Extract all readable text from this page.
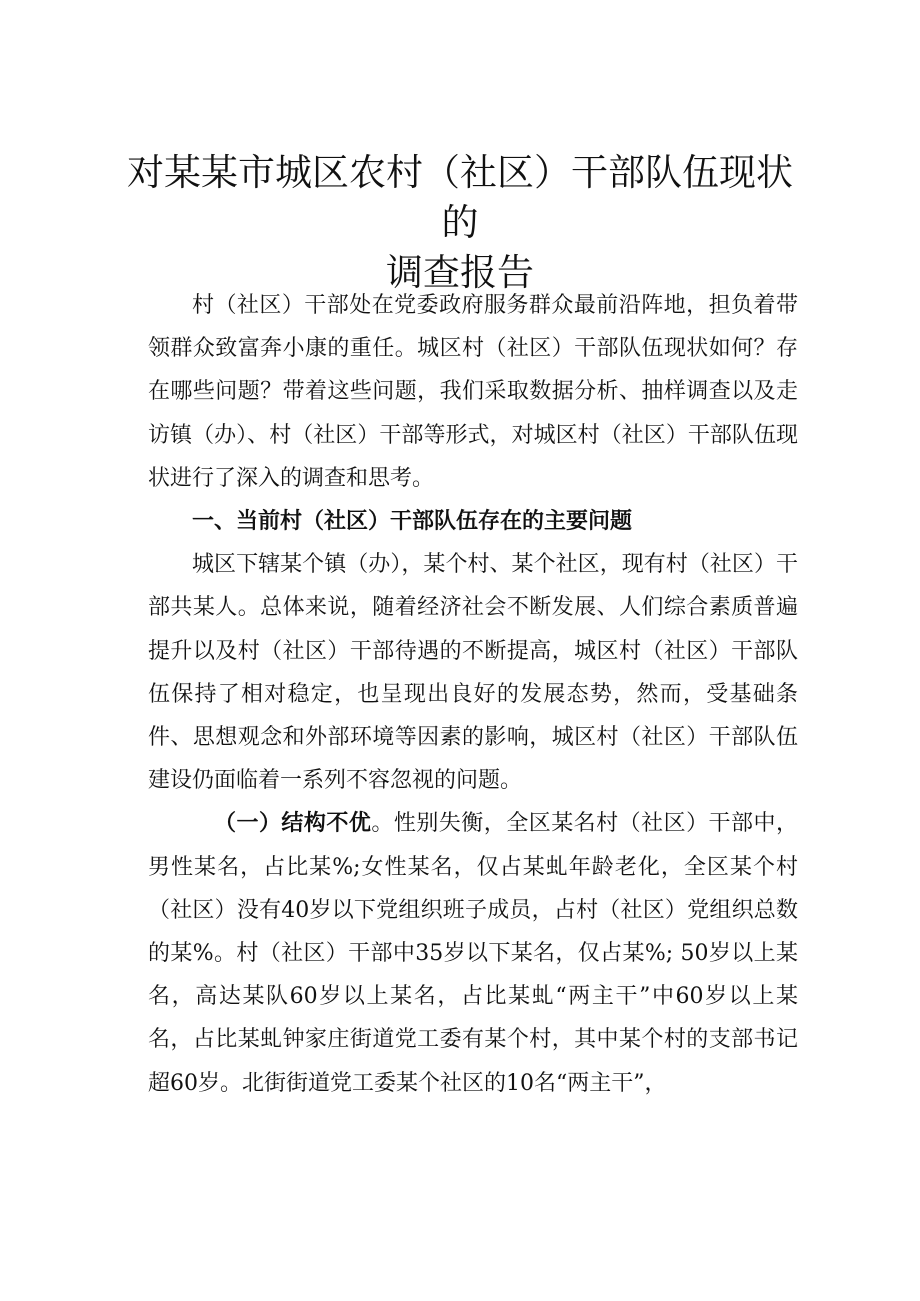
对某某市城区农村（社区）干部队伍现状的
调查报告

村（社区）干部处在党委政府服务群众最前沿阵地，担负着带领群众致富奔小康的重任。城区村（社区）干部队伍现状如何？存在哪些问题？带着这些问题，我们采取数据分析、抽样调查以及走访镇（办）、村（社区）干部等形式，对城区村（社区）干部队伍现状进行了深入的调查和思考。

一、当前村（社区）干部队伍存在的主要问题

城区下辖某个镇（办），某个村、某个社区，现有村（社区）干部共某人。总体来说，随着经济社会不断发展、人们综合素质普遍提升以及村（社区）干部待遇的不断提高，城区村（社区）干部队伍保持了相对稳定，也呈现出良好的发展态势，然而，受基础条件、思想观念和外部环境等因素的影响，城区村（社区）干部队伍建设仍面临着一系列不容忽视的问题。

（一）结构不优。性别失衡，全区某名村（社区）干部中，男性某名，占比某%;女性某名，仅占某虬年龄老化，全区某个村（社区）没有40岁以下党组织班子成员，占村（社区）党组织总数的某%。村（社区）干部中35岁以下某名，仅占某%; 50岁以上某名，高达某队60岁以上某名，占比某虬“两主干”中60岁以上某名，占比某虬钟家庄街道党工委有某个村，其中某个村的支部书记超60岁。北街街道党工委某个社区的10名“两主干”，
